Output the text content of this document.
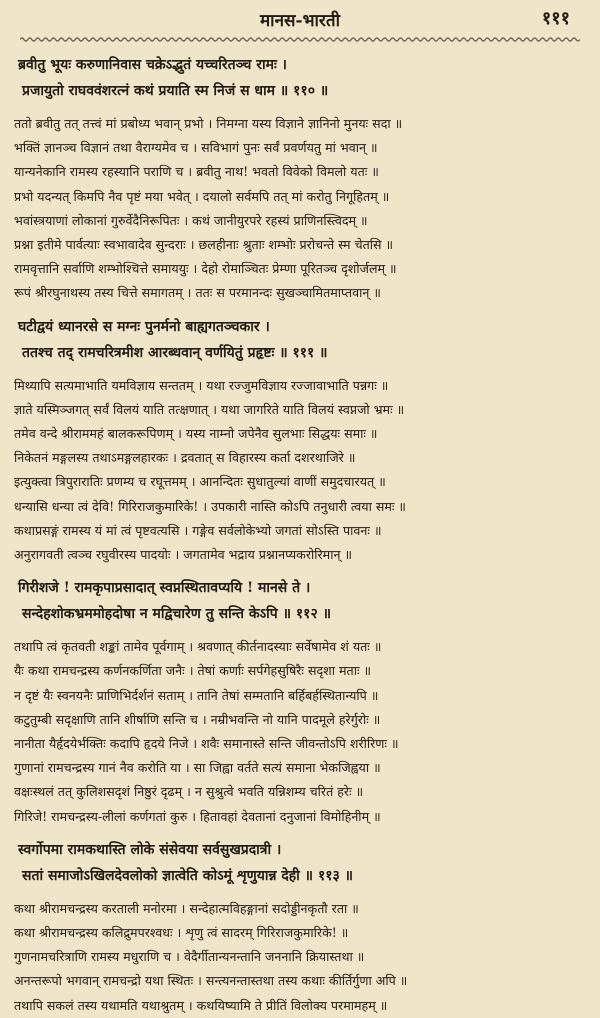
मानस-भारती	१११
ब्रवीतु भूयः करुणानिवास चक्रेऽद्भुतं यच्चरितञ्च रामः ।
प्रजायुतो राघववंशरत्नं कथं प्रयाति स्म निजं स धाम ॥ ११० ॥
ततो ब्रवीतु तत् तत्त्वं मां प्रबोध्य भवान् प्रभो । निमग्ना यस्य विज्ञाने ज्ञानिनो मुनयः सदा ॥
भक्तिं ज्ञानञ्च विज्ञानं तथा वैराग्यमेव च । सविभागं पुनः सर्वं प्रवर्णयतु मां भवान् ॥
यान्यनेकानि रामस्य रहस्यानि पराणि च । ब्रवीतु नाथ! भवतो विवेको विमलो यतः ॥
प्रभो यदन्यत् किमपि नैव पृष्टं मया भवेत् । दयालो सर्वमपि तत् मां करोतु निगूहितम् ॥
भवांस्त्रयाणां लोकानां गुरुर्वेदैनिरूपितः । कथं जानीयुरपरे रहस्यं प्राणिनस्त्विदम् ॥
प्रश्ना इतीमे पार्वत्याः स्वभावादेव सुन्दराः । छलहीनाः श्रुताः शम्भोः प्ररोचन्ते स्म चेतसि ॥
रामवृत्तानि सर्वाणि शम्भोश्चित्ते समाययुः । देहो रोमाञ्चितः प्रेम्णा पूरितञ्च दृशोर्जलम् ॥
रूपं श्रीरघुनाथस्य तस्य चित्ते समागतम् । ततः स परमानन्दः सुखञ्चामितमाप्तवान् ॥
घटीद्वयं ध्यानरसे स मग्नः पुनर्मनो बाह्यगतञ्चकार ।
ततश्च तद् रामचरित्रमीश आरब्धवान् वर्णयितुं प्रहृष्टः ॥ १११ ॥
मिथ्यापि सत्यमाभाति यमविज्ञाय सन्ततम् । यथा रज्जुमविज्ञाय रज्जावाभाति पन्नगः ॥
ज्ञाते यस्मिञ्जगत् सर्वं विलयं याति तत्क्षणात् । यथा जागरिते याति विलयं स्वप्नजो भ्रमः ॥
तमेव वन्दे श्रीराममहं बालकरूपिणम् । यस्य नाम्नो जपेनैव सुलभाः सिद्धयः समाः ॥
निकेतनं मङ्गलस्य तथाऽमङ्गलहारकः । द्रवतात् स विहारस्य कर्ता दशरथाजिरे ॥
इत्युक्त्वा त्रिपुरारातिः प्रणम्य च रघूत्तमम् । आनन्दितः सुधातुल्यां वाणीं समुदचारयत् ॥
धन्यासि धन्या त्वं देवि! गिरिराजकुमारिके! । उपकारी नास्ति कोऽपि तनुधारी त्वया समः ॥
कथाप्रसङ्गं रामस्य यं मां त्वं पृष्टवत्यसि । गङ्गेव सर्वलोकेभ्यो जगतां सोऽस्ति पावनः ॥
अनुरागवती त्वञ्च रघुवीरस्य पादयोः । जगतामेव भद्राय प्रश्नानप्यकरोरिमान् ॥
गिरीशजे ! रामकृपाप्रसादात् स्वप्नस्थितावप्ययि ! मानसे ते ।
सन्देहशोकभ्रममोहदोषा न मद्विचारेण तु सन्ति केऽपि ॥ ११२ ॥
तथापि त्वं कृतवती शङ्कां तामेव पूर्वगाम् । श्रवणात् कीर्तनादस्याः सर्वेषामेव शं यतः ॥
यैः कथा रामचन्द्रस्य कर्णनकर्णिता जनैः । तेषां कर्णाः सर्पगेहसुषिरैः सदृशा मताः ॥
न दृष्टं यैः स्वनयनैः प्राणिभिर्दर्शनं सताम् । तानि तेषां सम्मतानि बर्हिबर्हस्थितान्यपि ॥
कटुतुम्बी सदृक्षाणि तानि शीर्षाणि सन्ति च । नम्रीभवन्ति नो यानि पादमूले हरेर्गुरोः ॥
नानीता यैर्हृदयेर्भक्तिः कदापि हृदये निजे । शवैः समानास्ते सन्ति जीवन्तोऽपि शरीरिणः ॥
गुणानां रामचन्द्रस्य गानं नैव करोति या । सा जिह्वा वर्तते सत्यं समाना भेकजिह्वया ॥
वक्षःस्थलं तत् कुलिशसदृशं निष्ठुरं दृढम् । न सुश्रुत्वे भवति यन्निशम्य चरितं हरेः ॥
गिरिजे! रामचन्द्रस्य-लीलां कर्णगतां कुरु । हितावहां देवतानां दनुजानां विमोहिनीम् ॥
स्वर्गोपमा रामकथास्ति लोके संसेवया सर्वसुखप्रदात्री ।
सतां समाजोऽखिलदेवलोको ज्ञात्वेति कोऽमूं शृणुयान्न देही ॥ ११३ ॥
कथा श्रीरामचन्द्रस्य करताली मनोरमा । सन्देहात्मविहङ्गानां सदोड्डीनकृतौ रता ॥
कथा श्रीरामचन्द्रस्य कलिद्रुमपरश्वधः । शृणु त्वं सादरम् गिरिराजकुमारिके! ॥
गुणनामचरित्राणि रामस्य मधुराणि च । वेदैर्गीतान्यनन्तानि जननानि क्रियास्तथा ॥
अनन्तरूपो भगवान् रामचन्द्रो यथा स्थितः । सन्त्यनन्तास्तथा तस्य कथाः कीर्तिर्गुणा अपि ॥
तथापि सकलं तस्य यथामति यथाश्रुतम् । कथयिष्यामि ते प्रीतिं विलोक्य परमामहम् ॥
